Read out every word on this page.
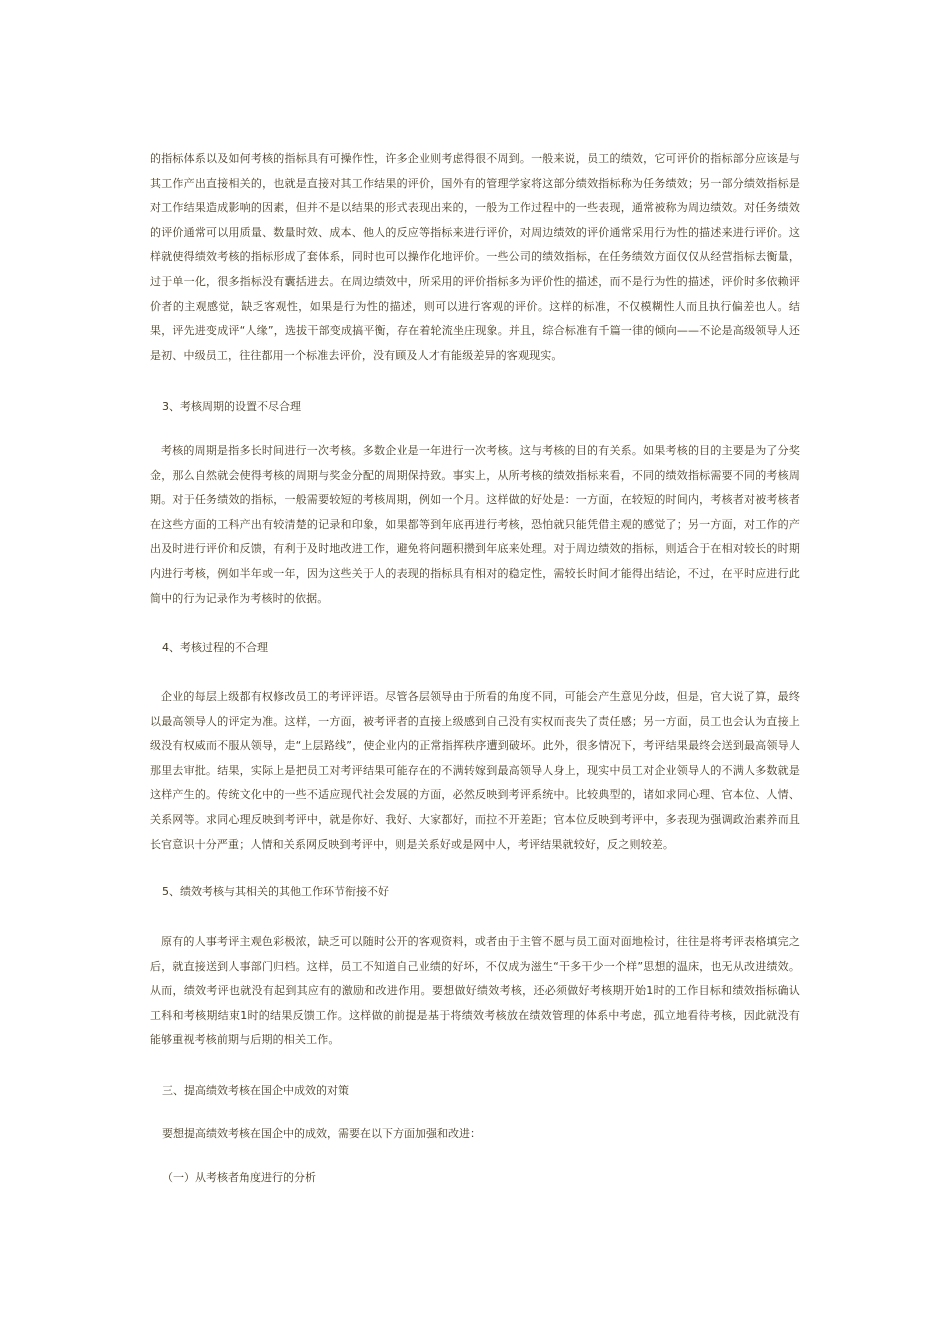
的指标体系以及如何考核的指标具有可操作性，许多企业则考虑得很不周到。一般来说，员工的绩效，它可评价的指标部分应该是与其工作产出直接相关的，也就是直接对其工作结果的评价，国外有的管理学家将这部分绩效指标称为任务绩效；另一部分绩效指标是对工作结果造成影响的因素，但并不是以结果的形式表现出来的，一般为工作过程中的一些表现，通常被称为周边绩效。对任务绩效的评价通常可以用质量、数量时效、成本、他人的反应等指标来进行评价，对周边绩效的评价通常采用行为性的描述来进行评价。这样就使得绩效考核的指标形成了套体系，同时也可以操作化地评价。一些公司的绩效指标，在任务绩效方面仅仅从经营指标去衡量，过于单一化，很多指标没有囊括进去。在周边绩效中，所采用的评价指标多为评价性的描述，而不是行为性的描述，评价时多依赖评价者的主观感觉，缺乏客观性，如果是行为性的描述，则可以进行客观的评价。这样的标准，不仅模糊性人而且执行偏差也人。结果，评先进变成评“人缘”，选拔干部变成搞平衡，存在着轮流坐庄现象。并且，综合标准有千篇一律的倾向——不论是高级领导人还是初、中级员工，往往都用一个标准去评价，没有顾及人才有能级差异的客观现实。

3、考核周期的设置不尽合理

考核的周期是指多长时间进行一次考核。多数企业是一年进行一次考核。这与考核的目的有关系。如果考核的目的主要是为了分奖金，那么自然就会使得考核的周期与奖金分配的周期保持致。事实上，从所考核的绩效指标来看，不同的绩效指标需要不同的考核周期。对于任务绩效的指标，一般需要较短的考核周期，例如一个月。这样做的好处是：一方面，在较短的时间内，考核者对被考核者在这些方面的工科产出有较清楚的记录和印象，如果都等到年底再进行考核，恐怕就只能凭借主观的感觉了；另一方面，对工作的产出及时进行评价和反馈，有利于及时地改进工作，避免将问题积攒到年底来处理。对于周边绩效的指标，则适合于在相对较长的时期内进行考核，例如半年或一年，因为这些关于人的表现的指标具有相对的稳定性，需较长时间才能得出结论，不过，在平时应进行此简中的行为记录作为考核时的依据。

4、考核过程的不合理

企业的每层上级都有权修改员工的考评评语。尽管各层领导由于所看的角度不同，可能会产生意见分歧，但是，官大说了算，最终以最高领导人的评定为准。这样，一方面，被考评者的直接上级感到自己没有实权而丧失了责任感；另一方面，员工也会认为直接上级没有权威而不服从领导，走“上层路线”，使企业内的正常指挥秩序遭到破坏。此外，很多情况下，考评结果最终会送到最高领导人那里去审批。结果，实际上是把员工对考评结果可能存在的不满转嫁到最高领导人身上，现实中员工对企业领导人的不满人多数就是这样产生的。传统文化中的一些不适应现代社会发展的方面，必然反映到考评系统中。比较典型的，诸如求同心理、官本位、人情、关系网等。求同心理反映到考评中，就是你好、我好、大家都好，而拉不开差距；官本位反映到考评中，多表现为强调政治素养而且长官意识十分严重；人情和关系网反映到考评中，则是关系好或是网中人，考评结果就较好，反之则较差。

5、绩效考核与其相关的其他工作环节衔接不好

原有的人事考评主观色彩极浓，缺乏可以随时公开的客观资料，或者由于主管不愿与员工面对面地检讨，往往是将考评表格填完之后，就直接送到人事部门归档。这样，员工不知道自己业绩的好坏，不仅成为滋生“干多干少一个样”思想的温床，也无从改进绩效。从而，绩效考评也就没有起到其应有的激励和改进作用。要想做好绩效考核，还必须做好考核期开始1时的工作目标和绩效指标确认工科和考核期结束1时的结果反馈工作。这样做的前提是基于将绩效考核放在绩效管理的体系中考虑，孤立地看待考核，因此就没有能够重视考核前期与后期的相关工作。

三、提高绩效考核在国企中成效的对策

要想提高绩效考核在国企中的成效，需要在以下方面加强和改进：

（一）从考核者角度进行的分析
